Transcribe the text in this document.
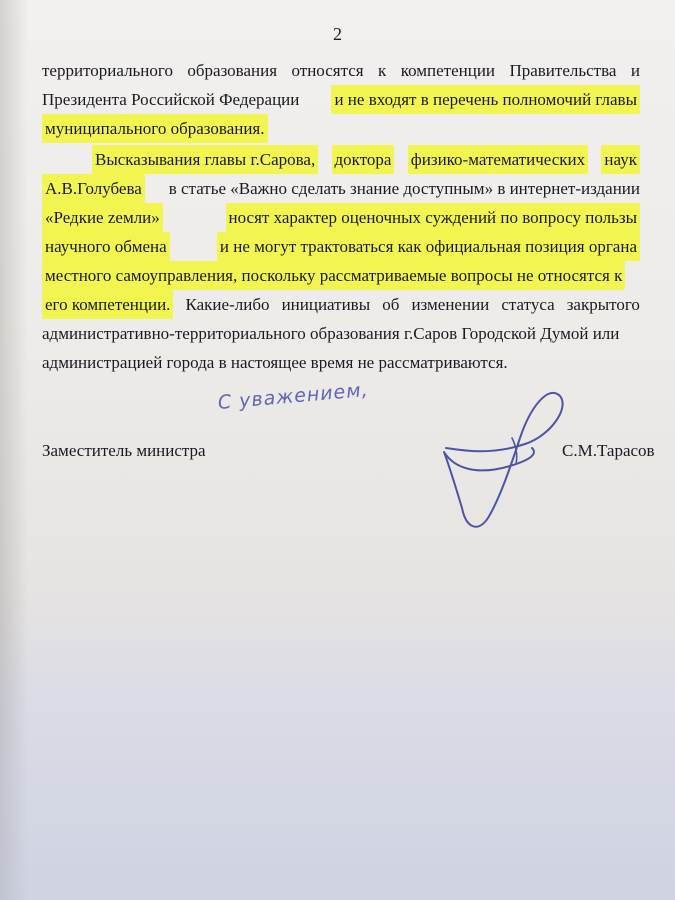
2
территориального образования относятся к компетенции Правительства и
Президента Российской Федерации и не входят в перечень полномочий главы
муниципального образования.
Высказывания главы г.Сарова, доктора физико-математических наук
А.В.Голубева в статье «Важно сделать знание доступным» в интернет-издании
«Редкие zемли»	носят характер оценочных суждений по вопросу пользы
научного обмена	и не могут трактоваться как официальная позиция органа
местного самоуправления, поскольку рассматриваемые вопросы не относятся к
его компетенции. Какие-либо инициативы об изменении статуса закрытого
административно-территориального образования г.Саров Городской Думой или
администрацией города в настоящее время не рассматриваются.
С уважением,
Заместитель министра	С.М.Тарасов
